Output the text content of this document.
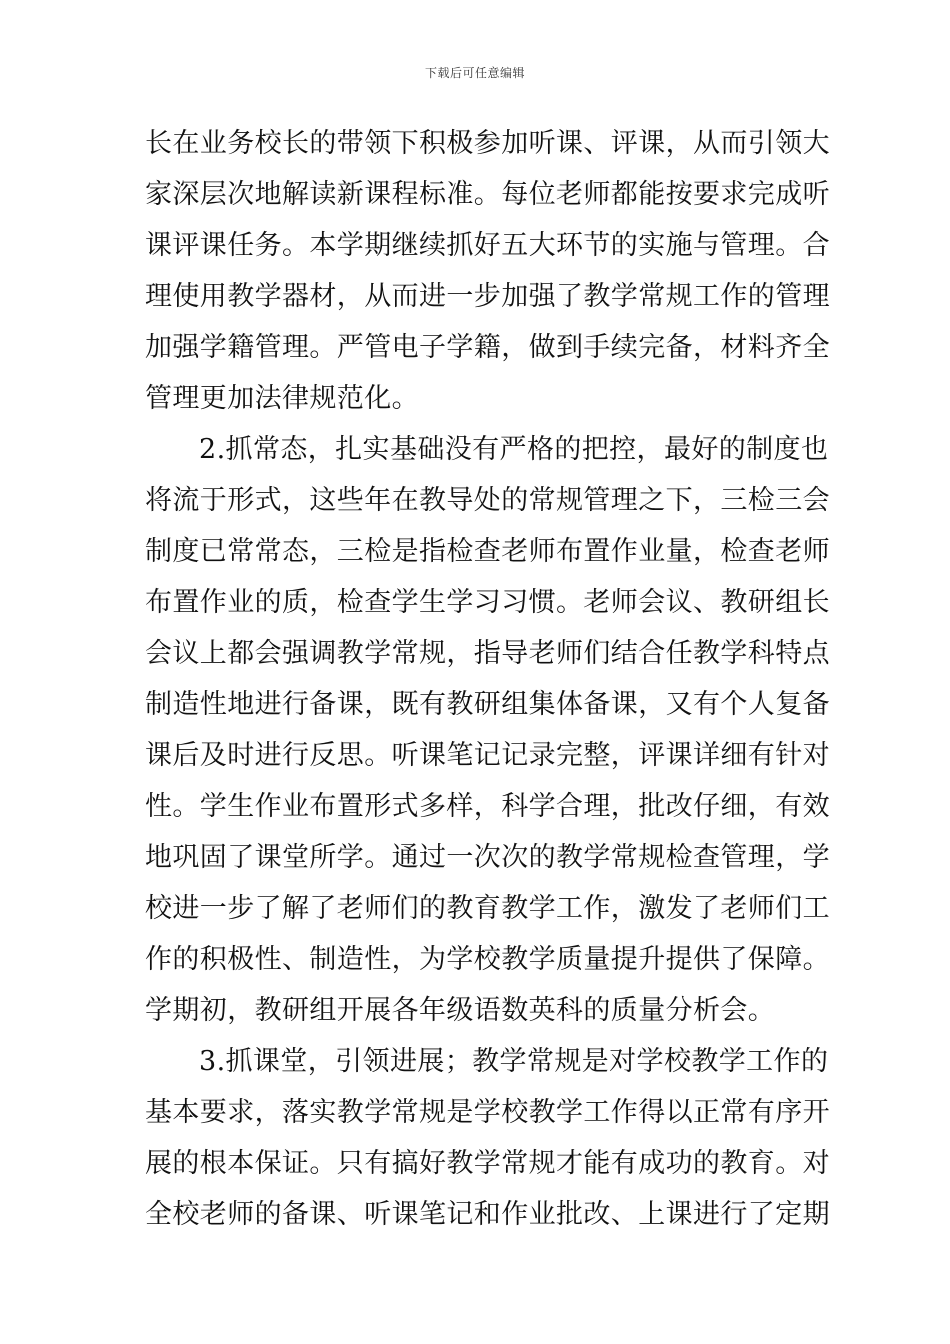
下载后可任意编辑
长在业务校长的带领下积极参加听课、评课，从而引领大
家深层次地解读新课程标准。每位老师都能按要求完成听
课评课任务。本学期继续抓好五大环节的实施与管理。合
理使用教学器材，从而进一步加强了教学常规工作的管理
加强学籍管理。严管电子学籍，做到手续完备，材料齐全
管理更加法律规范化。
2.抓常态，扎实基础没有严格的把控，最好的制度也
将流于形式，这些年在教导处的常规管理之下，三检三会
制度已常常态，三检是指检查老师布置作业量，检查老师
布置作业的质，检查学生学习习惯。老师会议、教研组长
会议上都会强调教学常规，指导老师们结合任教学科特点
制造性地进行备课，既有教研组集体备课，又有个人复备
课后及时进行反思。听课笔记记录完整，评课详细有针对
性。学生作业布置形式多样，科学合理，批改仔细，有效
地巩固了课堂所学。通过一次次的教学常规检查管理，学
校进一步了解了老师们的教育教学工作，激发了老师们工
作的积极性、制造性，为学校教学质量提升提供了保障。
学期初，教研组开展各年级语数英科的质量分析会。
3.抓课堂，引领进展；教学常规是对学校教学工作的
基本要求，落实教学常规是学校教学工作得以正常有序开
展的根本保证。只有搞好教学常规才能有成功的教育。对
全校老师的备课、听课笔记和作业批改、上课进行了定期
